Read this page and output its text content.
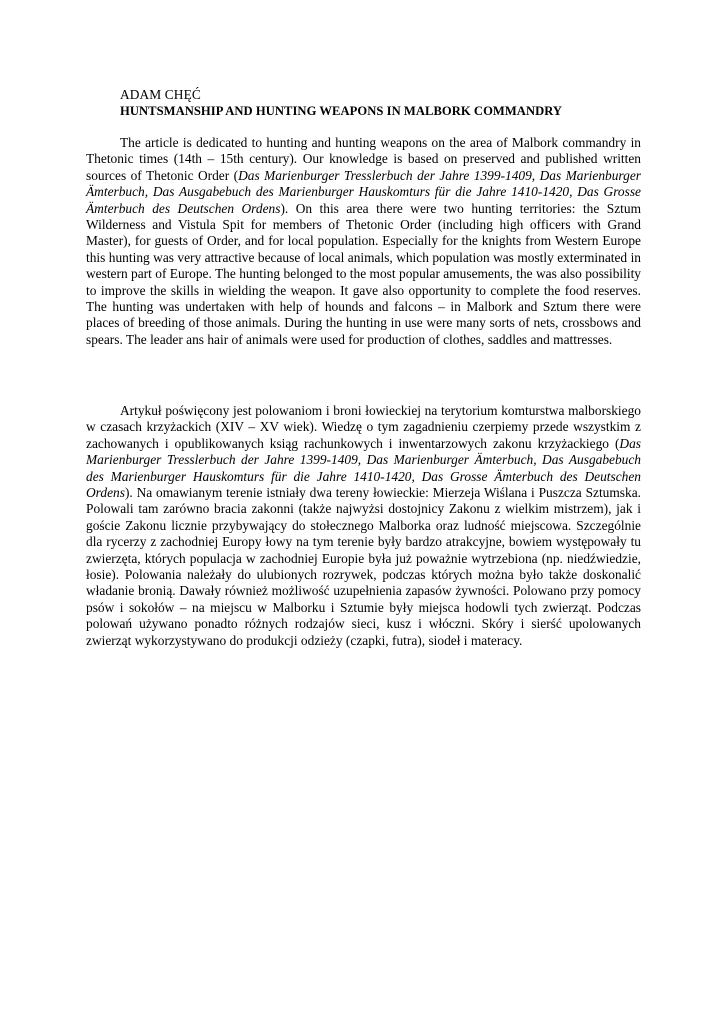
ADAM CHĘĆ
HUNTSMANSHIP AND HUNTING WEAPONS IN MALBORK COMMANDRY

The article is dedicated to hunting and hunting weapons on the area of Malbork commandry in Thetonic times (14th – 15th century). Our knowledge is based on preserved and published written sources of Thetonic Order (Das Marienburger Tresslerbuch der Jahre 1399-1409, Das Marienburger Ämterbuch, Das Ausgabebuch des Marienburger Hauskomturs für die Jahre 1410-1420, Das Grosse Ämterbuch des Deutschen Ordens). On this area there were two hunting territories: the Sztum Wilderness and Vistula Spit for members of Thetonic Order (including high officers with Grand Master), for guests of Order, and for local population. Especially for the knights from Western Europe this hunting was very attractive because of local animals, which population was mostly exterminated in western part of Europe. The hunting belonged to the most popular amusements, the was also possibility to improve the skills in wielding the weapon. It gave also opportunity to complete the food reserves. The hunting was undertaken with help of hounds and falcons – in Malbork and Sztum there were places of breeding of those animals. During the hunting in use were many sorts of nets, crossbows and spears. The leader ans hair of animals were used for production of clothes, saddles and mattresses.

Artykuł poświęcony jest polowaniom i broni łowieckiej na terytorium komturstwa malborskiego w czasach krzyżackich (XIV – XV wiek). Wiedzę o tym zagadnieniu czerpiemy przede wszystkim z zachowanych i opublikowanych ksiąg rachunkowych i inwentarzowych zakonu krzyżackiego (Das Marienburger Tresslerbuch der Jahre 1399-1409, Das Marienburger Ämterbuch, Das Ausgabebuch des Marienburger Hauskomturs für die Jahre 1410-1420, Das Grosse Ämterbuch des Deutschen Ordens). Na omawianym terenie istniały dwa tereny łowieckie: Mierzeja Wiślana i Puszcza Sztumska. Polowali tam zarówno bracia zakonni (także najwyżsi dostojnicy Zakonu z wielkim mistrzem), jak i goście Zakonu licznie przybywający do stołecznego Malborka oraz ludność miejscowa. Szczególnie dla rycerzy z zachodniej Europy łowy na tym terenie były bardzo atrakcyjne, bowiem występowały tu zwierzęta, których populacja w zachodniej Europie była już poważnie wytrzebiona (np. niedźwiedzie, łosie). Polowania należały do ulubionych rozrywek, podczas których można było także doskonalić władanie bronią. Dawały również możliwość uzupełnienia zapasów żywności. Polowano przy pomocy psów i sokołów – na miejscu w Malborku i Sztumie były miejsca hodowli tych zwierząt. Podczas polowań używano ponadto różnych rodzajów sieci, kusz i włóczni. Skóry i sierść upolowanych zwierząt wykorzystywano do produkcji odzieży (czapki, futra), siodeł i materacy.
